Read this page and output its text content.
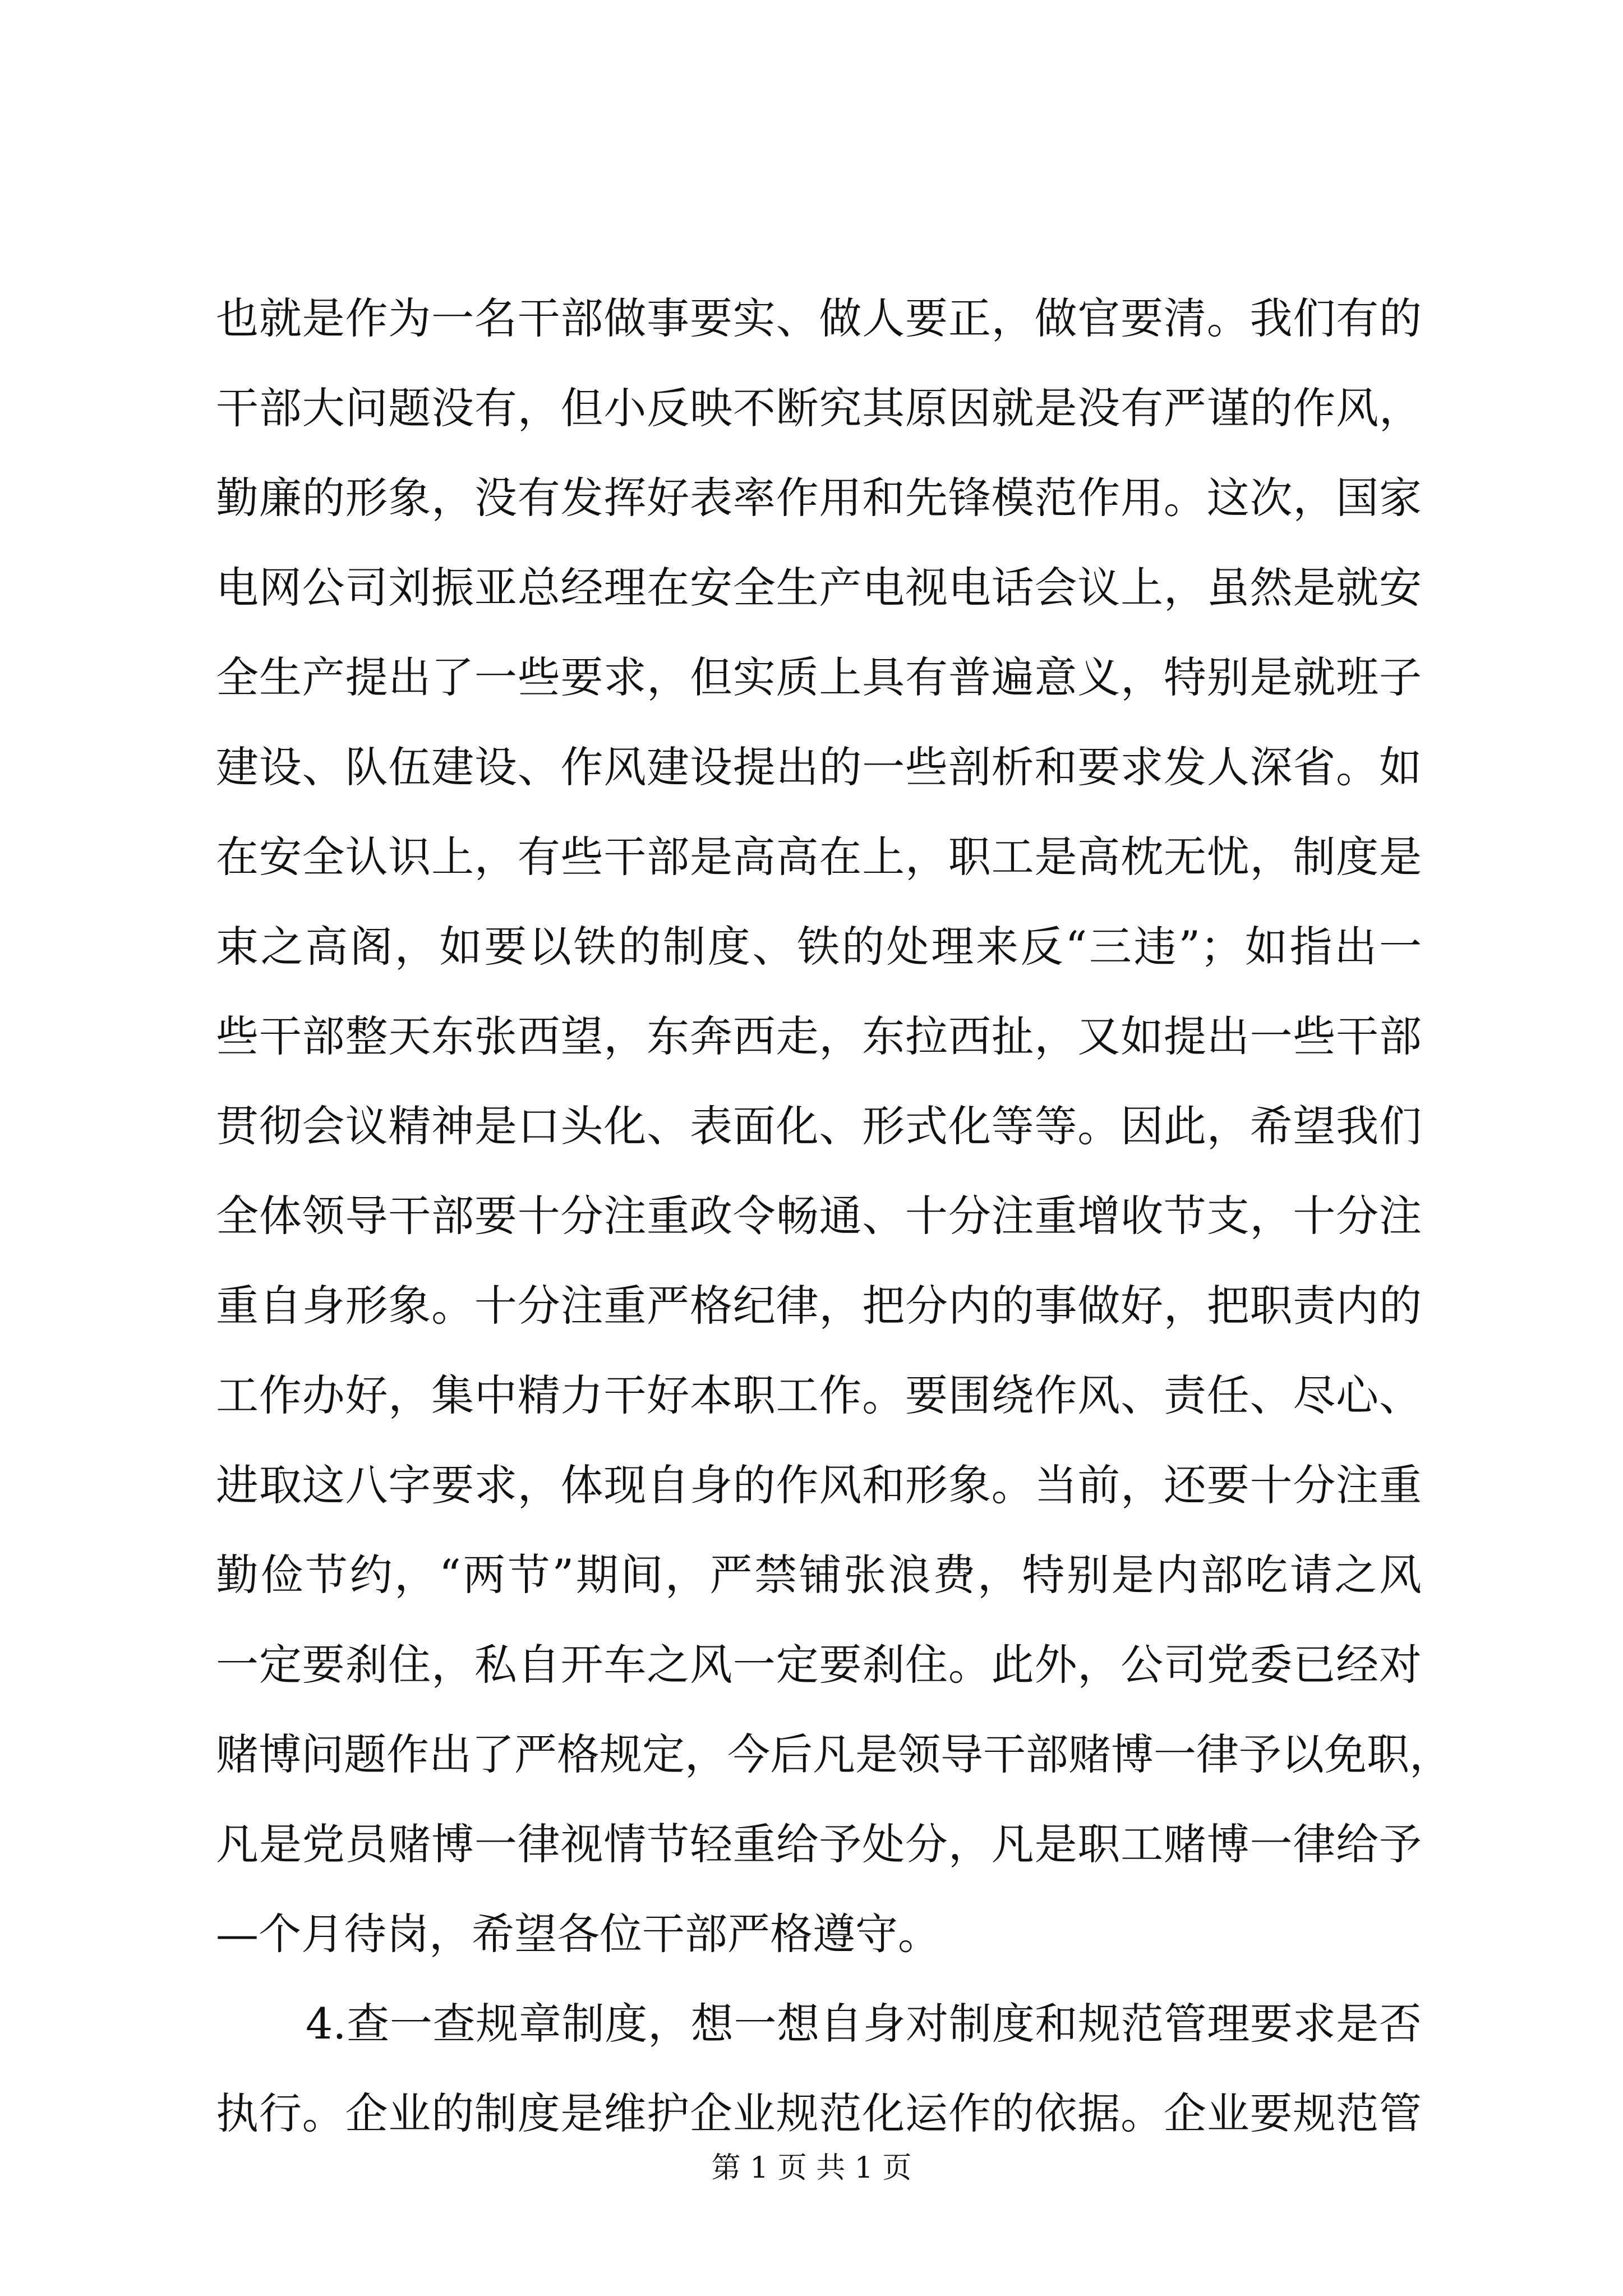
也就是作为一名干部做事要实、做人要正，做官要清。我们有的
干部大问题没有，但小反映不断究其原因就是没有严谨的作风，
勤廉的形象，没有发挥好表率作用和先锋模范作用。这次，国家
电网公司刘振亚总经理在安全生产电视电话会议上，虽然是就安
全生产提出了一些要求，但实质上具有普遍意义，特别是就班子
建设、队伍建设、作风建设提出的一些剖析和要求发人深省。如
在安全认识上，有些干部是高高在上，职工是高枕无忧，制度是
束之高阁，如要以铁的制度、铁的处理来反“三违”；如指出一
些干部整天东张西望，东奔西走，东拉西扯，又如提出一些干部
贯彻会议精神是口头化、表面化、形式化等等。因此，希望我们
全体领导干部要十分注重政令畅通、十分注重增收节支，十分注
重自身形象。十分注重严格纪律，把分内的事做好，把职责内的
工作办好，集中精力干好本职工作。要围绕作风、责任、尽心、
进取这八字要求，体现自身的作风和形象。当前，还要十分注重
勤俭节约，“两节”期间，严禁铺张浪费，特别是内部吃请之风
一定要刹住，私自开车之风一定要刹住。此外，公司党委已经对
赌博问题作出了严格规定，今后凡是领导干部赌博一律予以免职，
凡是党员赌博一律视情节轻重给予处分，凡是职工赌博一律给予
—个月待岗，希望各位干部严格遵守。
4.查一查规章制度，想一想自身对制度和规范管理要求是否
执行。企业的制度是维护企业规范化运作的依据。企业要规范管
第 1 页 共 1 页
